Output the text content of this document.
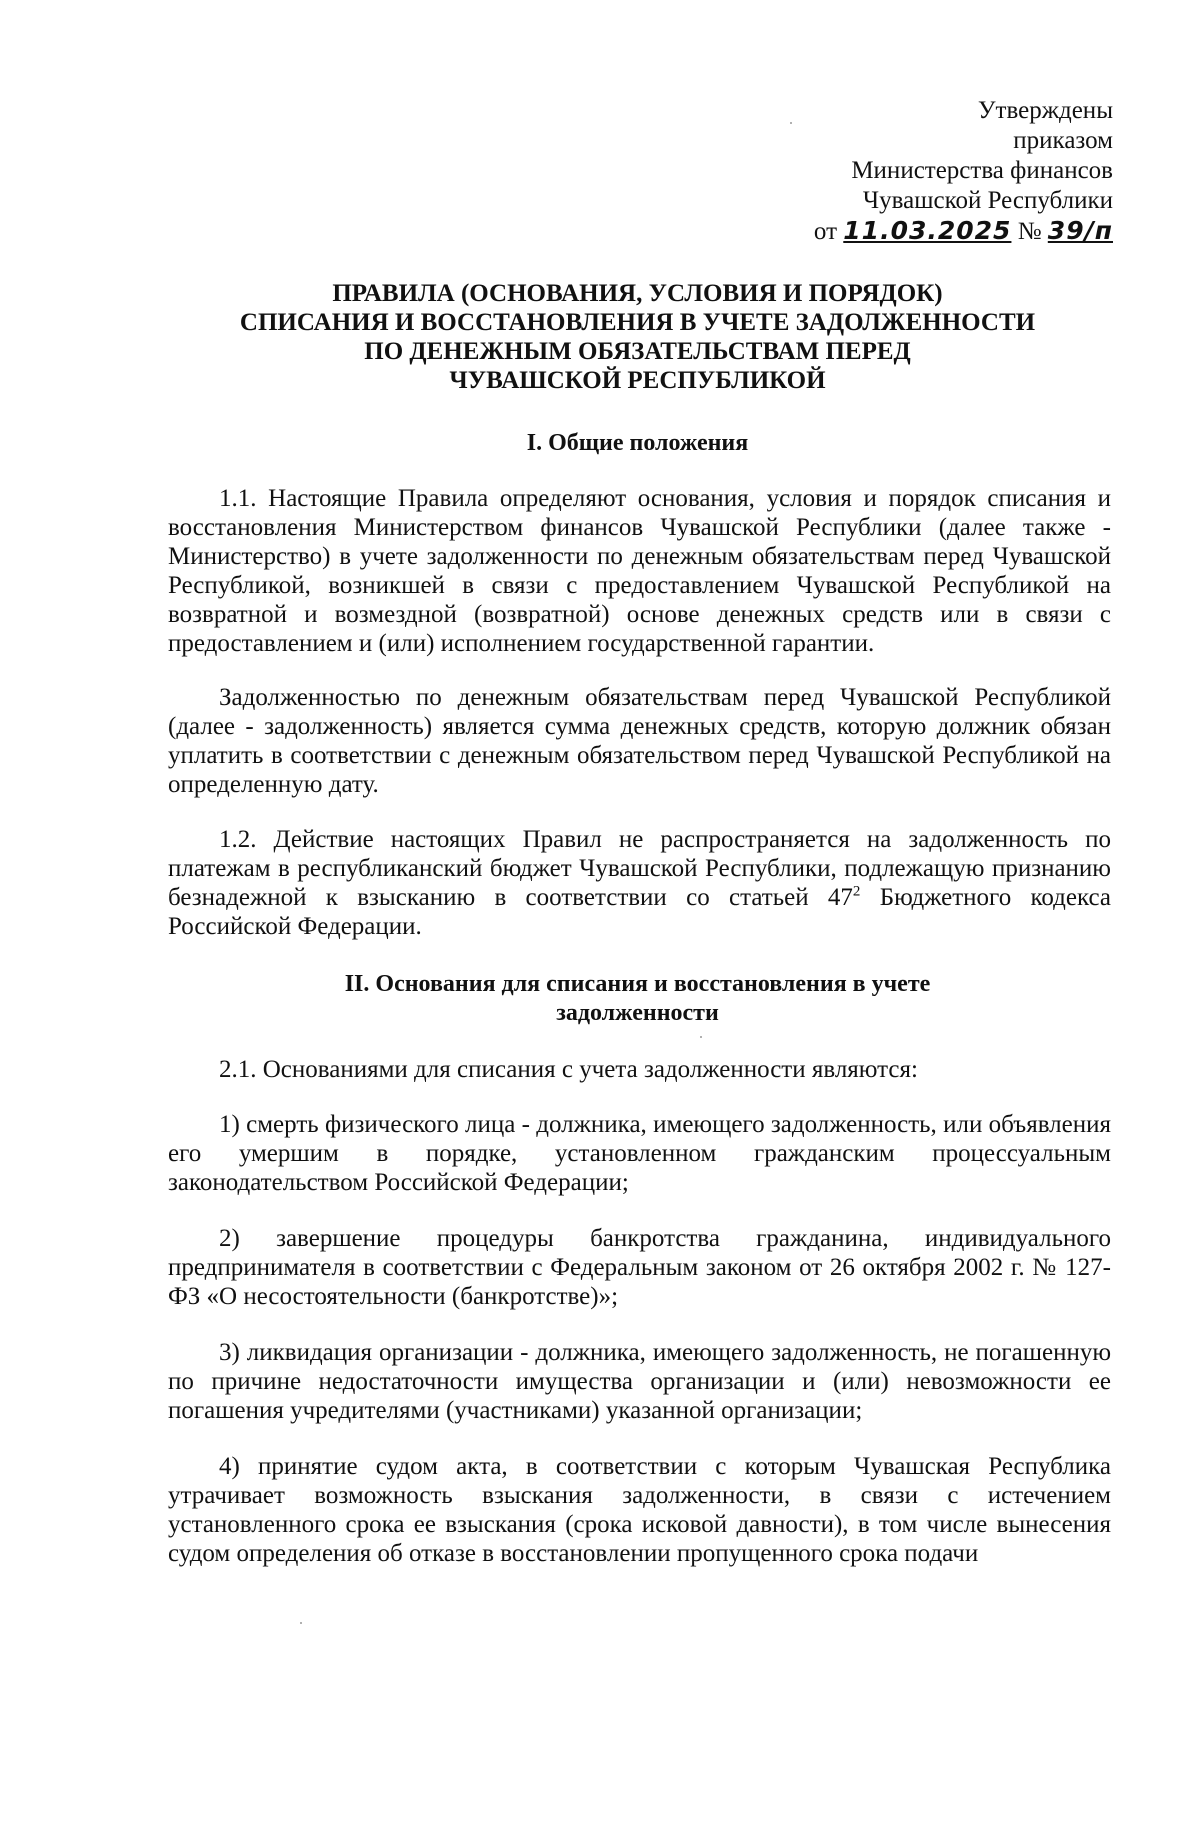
Утверждены
приказом
Министерства финансов
Чувашской Республики
от 11.03.2025 № 39/п
ПРАВИЛА (ОСНОВАНИЯ, УСЛОВИЯ И ПОРЯДОК)
СПИСАНИЯ И ВОССТАНОВЛЕНИЯ В УЧЕТЕ ЗАДОЛЖЕННОСТИ
ПО ДЕНЕЖНЫМ ОБЯЗАТЕЛЬСТВАМ ПЕРЕД
ЧУВАШСКОЙ РЕСПУБЛИКОЙ
I. Общие положения

1.1. Настоящие Правила определяют основания, условия и порядок списания и восстановления Министерством финансов Чувашской Республики (далее также - Министерство) в учете задолженности по денежным обязательствам перед Чувашской Республикой, возникшей в связи с предоставлением Чувашской Республикой на возвратной и возмездной (возвратной) основе денежных средств или в связи с предоставлением и (или) исполнением государственной гарантии.

Задолженностью по денежным обязательствам перед Чувашской Республикой (далее - задолженность) является сумма денежных средств, которую должник обязан уплатить в соответствии с денежным обязательством перед Чувашской Республикой на определенную дату.

1.2. Действие настоящих Правил не распространяется на задолженность по платежам в республиканский бюджет Чувашской Республики, подлежащую признанию безнадежной к взысканию в соответствии со статьей $47^2$ Бюджетного кодекса Российской Федерации.

II. Основания для списания и восстановления в учете
задолженности

2.1. Основаниями для списания с учета задолженности являются:

1) смерть физического лица - должника, имеющего задолженность, или объявления его умершим в порядке, установленном гражданским процессуальным законодательством Российской Федерации;

2) завершение процедуры банкротства гражданина, индивидуального предпринимателя в соответствии с Федеральным законом от 26 октября 2002 г. № 127-ФЗ «О несостоятельности (банкротстве)»;

3) ликвидация организации - должника, имеющего задолженность, не погашенную по причине недостаточности имущества организации и (или) невозможности ее погашения учредителями (участниками) указанной организации;

4) принятие судом акта, в соответствии с которым Чувашская Республика утрачивает возможность взыскания задолженности, в связи с истечением установленного срока ее взыскания (срока исковой давности), в том числе вынесения судом определения об отказе в восстановлении пропущенного срока подачи
